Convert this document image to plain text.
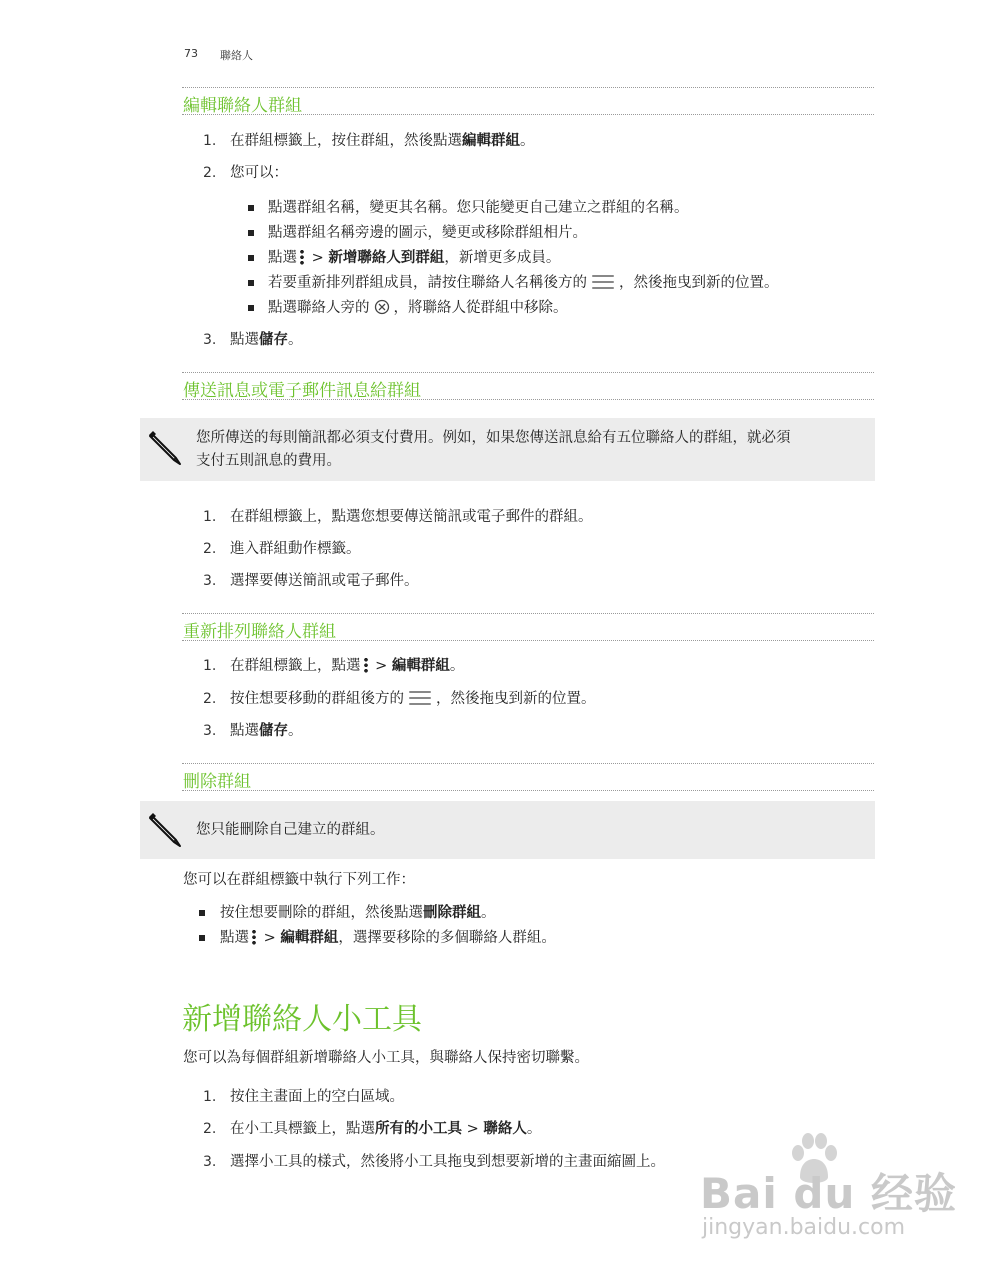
73 聯絡人
編輯聯絡人群組
1. 在群組標籤上，按住群組，然後點選編輯群組。
2. 您可以：
點選群組名稱，變更其名稱。您只能變更自己建立之群組的名稱。
點選群組名稱旁邊的圖示，變更或移除群組相片。
點選 > 新增聯絡人到群組，新增更多成員。
若要重新排列群組成員，請按住聯絡人名稱後方的 ，然後拖曳到新的位置。
點選聯絡人旁的 ，將聯絡人從群組中移除。
3. 點選儲存。
傳送訊息或電子郵件訊息給群組
您所傳送的每則簡訊都必須支付費用。例如，如果您傳送訊息給有五位聯絡人的群組，就必須
支付五則訊息的費用。
1. 在群組標籤上，點選您想要傳送簡訊或電子郵件的群組。
2. 進入群組動作標籤。
3. 選擇要傳送簡訊或電子郵件。
重新排列聯絡人群組
1. 在群組標籤上，點選 > 編輯群組。
2. 按住想要移動的群組後方的 ，然後拖曳到新的位置。
3. 點選儲存。
刪除群組
您只能刪除自己建立的群組。
您可以在群組標籤中執行下列工作：
按住想要刪除的群組，然後點選刪除群組。
點選 > 編輯群組，選擇要移除的多個聯絡人群組。
新增聯絡人小工具
您可以為每個群組新增聯絡人小工具，與聯絡人保持密切聯繫。
1. 按住主畫面上的空白區域。
2. 在小工具標籤上，點選所有的小工具 > 聯絡人。
3. 選擇小工具的樣式，然後將小工具拖曳到想要新增的主畫面縮圖上。
Bai du 经验
jingyan.baidu.com
